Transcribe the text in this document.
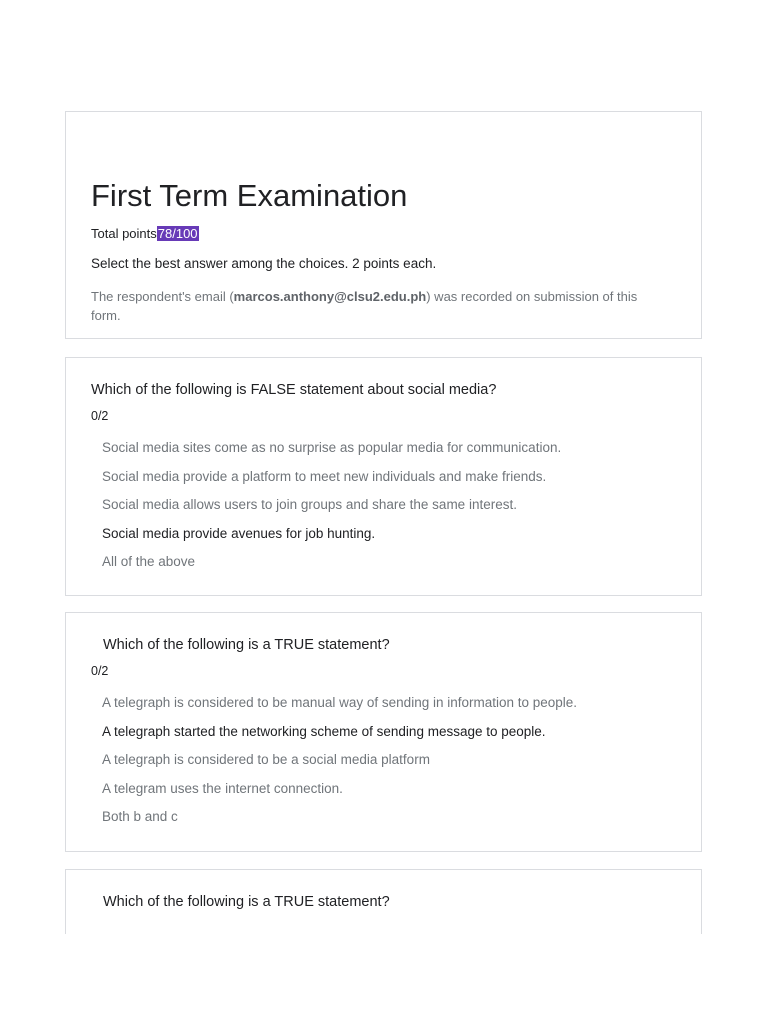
First Term Examination
Total points78/100
Select the best answer among the choices. 2 points each.
The respondent's email (marcos.anthony@clsu2.edu.ph) was recorded on submission of this form.
Which of the following is FALSE statement about social media?
0/2
Social media sites come as no surprise as popular media for communication.
Social media provide a platform to meet new individuals and make friends.
Social media allows users to join groups and share the same interest.
Social media provide avenues for job hunting.
All of the above
Which of the following is a TRUE statement?
0/2
A telegraph is considered to be manual way of sending in information to people.
A telegraph started the networking scheme of sending message to people.
A telegraph is considered to be a social media platform
A telegram uses the internet connection.
Both b and c
Which of the following is a TRUE statement?
